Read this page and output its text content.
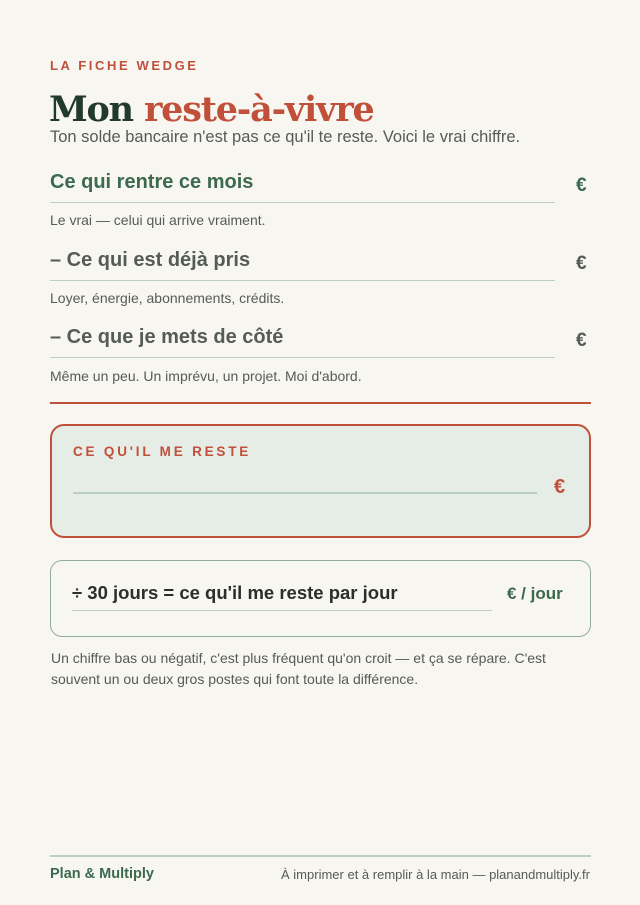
LA FICHE WEDGE
Mon reste-à-vivre
Ton solde bancaire n'est pas ce qu'il te reste. Voici le vrai chiffre.
Ce qui rentre ce mois	€
Le vrai — celui qui arrive vraiment.
– Ce qui est déjà pris	€
Loyer, énergie, abonnements, crédits.
– Ce que je mets de côté	€
Même un peu. Un imprévu, un projet. Moi d'abord.
CE QU'IL ME RESTE
€
÷ 30 jours = ce qu'il me reste par jour	€ / jour
Un chiffre bas ou négatif, c'est plus fréquent qu'on croit — et ça se répare. C'est souvent un ou deux gros postes qui font toute la différence.
Plan & Multiply	À imprimer et à remplir à la main — planandmultiply.fr
